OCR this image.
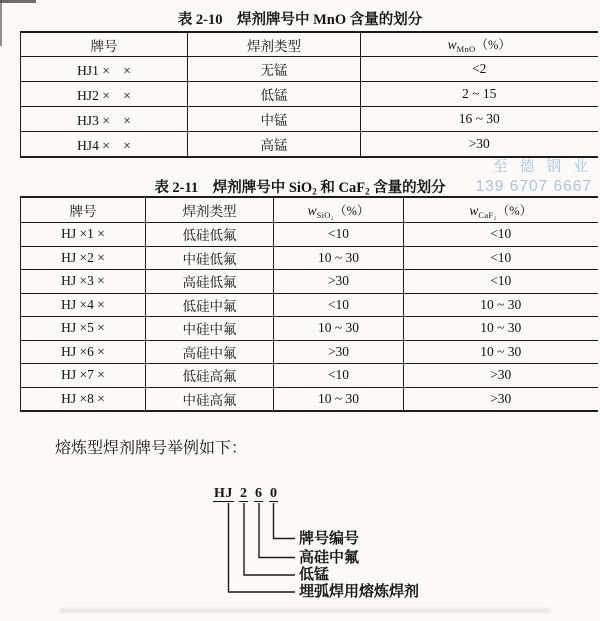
表 2-10　焊剂牌号中 MnO 含量的划分
牌号	焊剂类型	$w_{MnO}(\%)$
HJ1 ×　×	无锰	<2
HJ2 ×　×	低锰	2 ~ 15
HJ3 ×　×	中锰	16 ~ 30
HJ4 ×　×	高锰	>30
至 德 钢 业
139 6707 6667
表 2-11　焊剂牌号中 SiO$_2$ 和 CaF$_2$ 含量的划分
牌号	焊剂类型	$w_{SiO_2}(\%)$	$w_{CaF_2}(\%)$
HJ ×1 ×	低硅低氟	<10	<10
HJ ×2 ×	中硅低氟	10 ~ 30	<10
HJ ×3 ×	高硅低氟	>30	<10
HJ ×4 ×	低硅中氟	<10	10 ~ 30
HJ ×5 ×	中硅中氟	10 ~ 30	10 ~ 30
HJ ×6 ×	高硅中氟	>30	10 ~ 30
HJ ×7 ×	低硅高氟	<10	>30
HJ ×8 ×	中硅高氟	10 ~ 30	>30

熔炼型焊剂牌号举例如下：

HJ 2 6 0
牌号编号
高硅中氟
低锰
埋弧焊用熔炼焊剂
